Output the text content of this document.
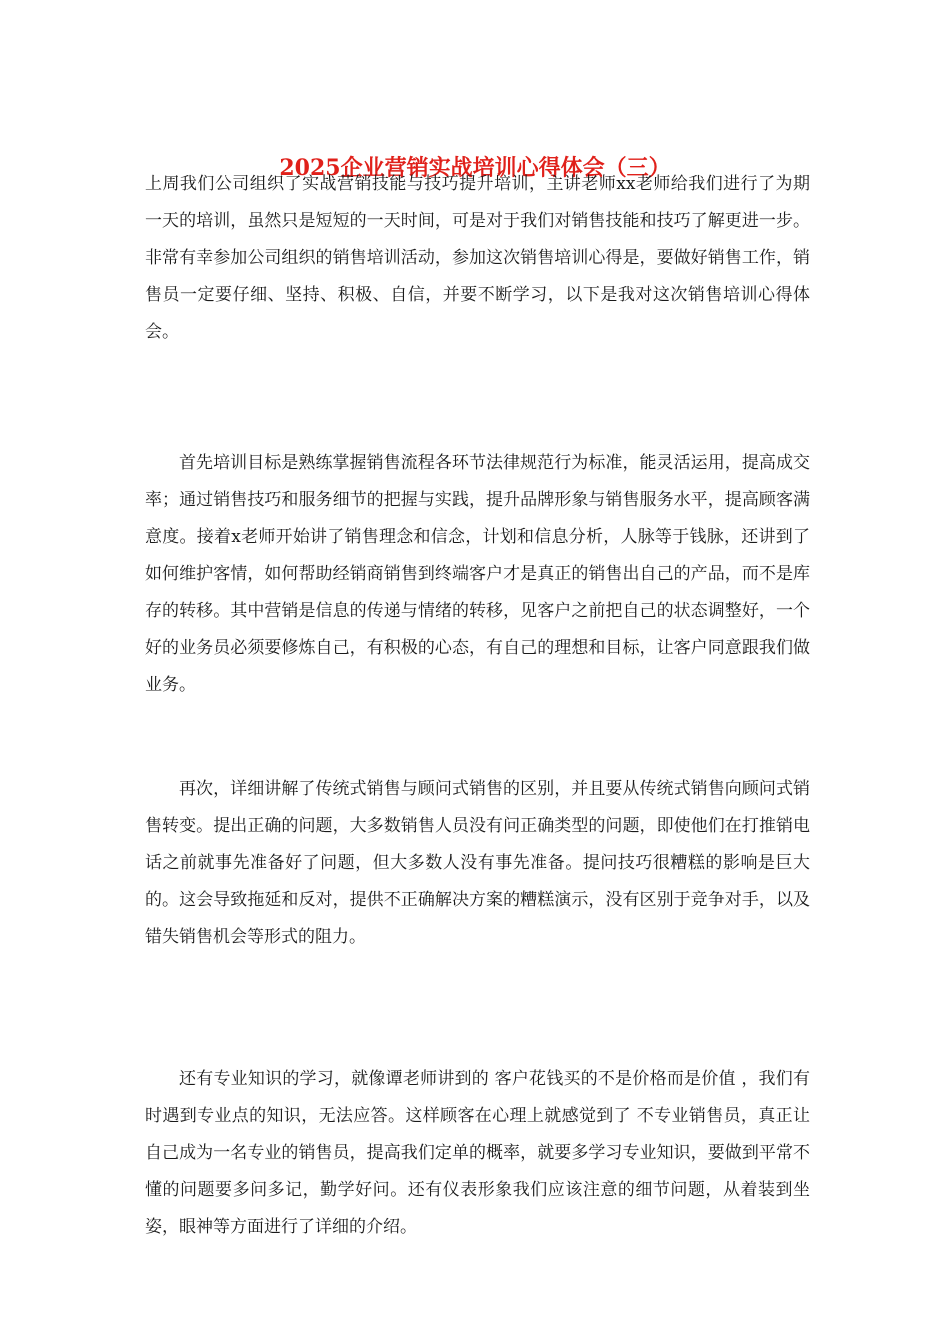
2025企业营销实战培训心得体会（三）

上周我们公司组织了实战营销技能与技巧提升培训，主讲老师xx老师给我们进行了为期一天的培训，虽然只是短短的一天时间，可是对于我们对销售技能和技巧了解更进一步。非常有幸参加公司组织的销售培训活动，参加这次销售培训心得是，要做好销售工作，销售员一定要仔细、坚持、积极、自信，并要不断学习，以下是我对这次销售培训心得体会。

首先培训目标是熟练掌握销售流程各环节法律规范行为标准，能灵活运用，提高成交率；通过销售技巧和服务细节的把握与实践，提升品牌形象与销售服务水平，提高顾客满意度。接着x老师开始讲了销售理念和信念，计划和信息分析，人脉等于钱脉，还讲到了如何维护客情，如何帮助经销商销售到终端客户才是真正的销售出自己的产品，而不是库存的转移。其中营销是信息的传递与情绪的转移，见客户之前把自己的状态调整好，一个好的业务员必须要修炼自己，有积极的心态，有自己的理想和目标，让客户同意跟我们做业务。

再次，详细讲解了传统式销售与顾问式销售的区别，并且要从传统式销售向顾问式销售转变。提出正确的问题，大多数销售人员没有问正确类型的问题，即使他们在打推销电话之前就事先准备好了问题，但大多数人没有事先准备。提问技巧很糟糕的影响是巨大的。这会导致拖延和反对，提供不正确解决方案的糟糕演示，没有区别于竞争对手，以及错失销售机会等形式的阻力。

还有专业知识的学习，就像谭老师讲到的 客户花钱买的不是价格而是价值 ，我们有时遇到专业点的知识，无法应答。这样顾客在心理上就感觉到了 不专业销售员，真正让自己成为一名专业的销售员，提高我们定单的概率，就要多学习专业知识，要做到平常不懂的问题要多问多记，勤学好问。还有仪表形象我们应该注意的细节问题，从着装到坐姿，眼神等方面进行了详细的介绍。
